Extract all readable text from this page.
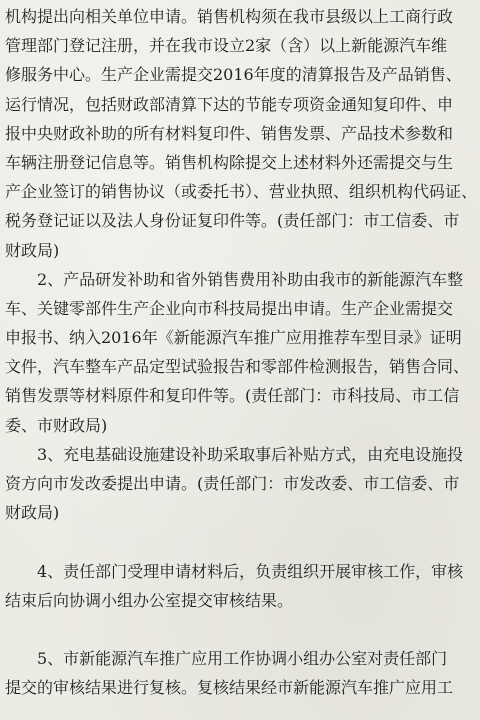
机构提出向相关单位申请。销售机构须在我市县级以上工商行政
管理部门登记注册，并在我市设立2家（含）以上新能源汽车维
修服务中心。生产企业需提交2016年度的清算报告及产品销售、
运行情况，包括财政部清算下达的节能专项资金通知复印件、申
报中央财政补助的所有材料复印件、销售发票、产品技术参数和
车辆注册登记信息等。销售机构除提交上述材料外还需提交与生
产企业签订的销售协议（或委托书）、营业执照、组织机构代码证、
税务登记证以及法人身份证复印件等。(责任部门：市工信委、市
财政局)
2、产品研发补助和省外销售费用补助由我市的新能源汽车整
车、关键零部件生产企业向市科技局提出申请。生产企业需提交
申报书、纳入2016年《新能源汽车推广应用推荐车型目录》证明
文件，汽车整车产品定型试验报告和零部件检测报告，销售合同、
销售发票等材料原件和复印件等。(责任部门：市科技局、市工信
委、市财政局)
3、充电基础设施建设补助采取事后补贴方式，由充电设施投
资方向市发改委提出申请。(责任部门：市发改委、市工信委、市
财政局)
4、责任部门受理申请材料后，负责组织开展审核工作，审核
结束后向协调小组办公室提交审核结果。
5、市新能源汽车推广应用工作协调小组办公室对责任部门
提交的审核结果进行复核。复核结果经市新能源汽车推广应用工
